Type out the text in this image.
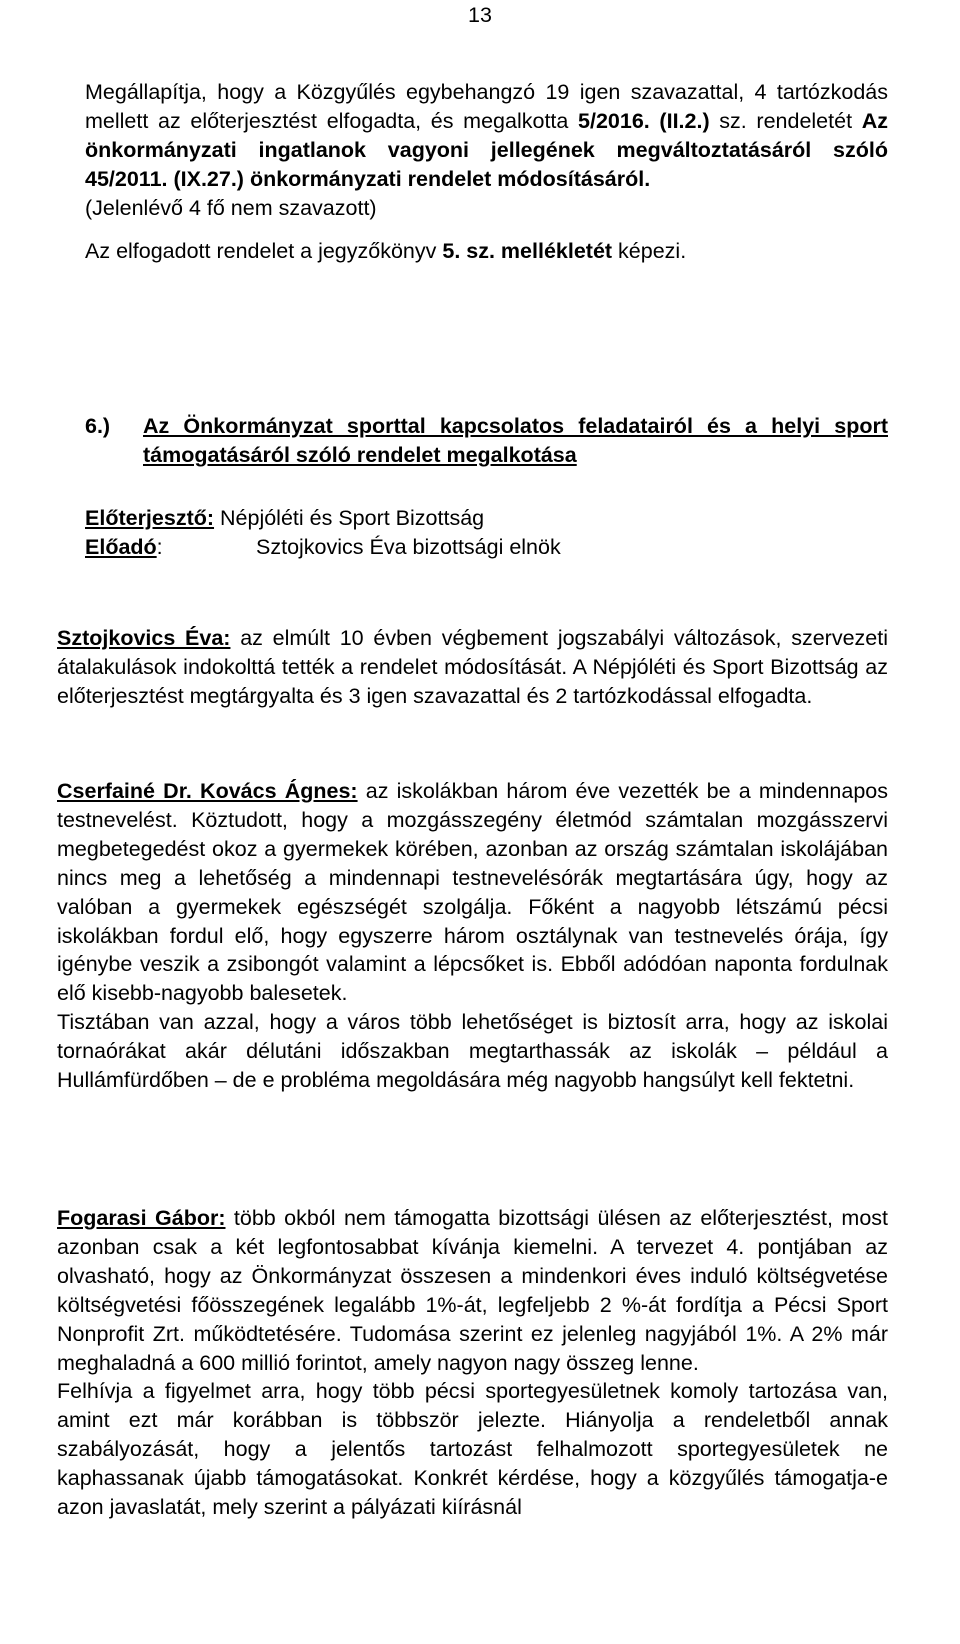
13

Megállapítja, hogy a Közgyűlés egybehangzó 19 igen szavazattal, 4 tartózkodás mellett az előterjesztést elfogadta, és megalkotta 5/2016. (II.2.) sz. rendeletét Az önkormányzati ingatlanok vagyoni jellegének megváltoztatásáról szóló 45/2011. (IX.27.) önkormányzati rendelet módosításáról.

(Jelenlévő 4 fő nem szavazott)

Az elfogadott rendelet a jegyzőkönyv 5. sz. mellékletét képezi.

6.)	Az Önkormányzat sporttal kapcsolatos feladatairól és a helyi sport támogatásáról szóló rendelet megalkotása

Előterjesztő: Népjóléti és Sport Bizottság

Előadó:	Sztojkovics Éva bizottsági elnök

Sztojkovics Éva: az elmúlt 10 évben végbement jogszabályi változások, szervezeti átalakulások indokolttá tették a rendelet módosítását. A Népjóléti és Sport Bizottság az előterjesztést megtárgyalta és 3 igen szavazattal és 2 tartózkodással elfogadta.

Cserfainé Dr. Kovács Ágnes: az iskolákban három éve vezették be a mindennapos testnevelést. Köztudott, hogy a mozgásszegény életmód számtalan mozgásszervi megbetegedést okoz a gyermekek körében, azonban az ország számtalan iskolájában nincs meg a lehetőség a mindennapi testnevelésórák megtartására úgy, hogy az valóban a gyermekek egészségét szolgálja. Főként a nagyobb létszámú pécsi iskolákban fordul elő, hogy egyszerre három osztálynak van testnevelés órája, így igénybe veszik a zsibongót valamint a lépcsőket is. Ebből adódóan naponta fordulnak elő kisebb-nagyobb balesetek.

Tisztában van azzal, hogy a város több lehetőséget is biztosít arra, hogy az iskolai tornaórákat akár délutáni időszakban megtarthassák az iskolák – például a Hullámfürdőben – de e probléma megoldására még nagyobb hangsúlyt kell fektetni.

Fogarasi Gábor: több okból nem támogatta bizottsági ülésen az előterjesztést, most azonban csak a két legfontosabbat kívánja kiemelni. A tervezet 4. pontjában az olvasható, hogy az Önkormányzat összesen a mindenkori éves induló költségvetése költségvetési főösszegének legalább 1%-át, legfeljebb 2 %-át fordítja a Pécsi Sport Nonprofit Zrt. működtetésére. Tudomása szerint ez jelenleg nagyjából 1%. A 2% már meghaladná a 600 millió forintot, amely nagyon nagy összeg lenne.

Felhívja a figyelmet arra, hogy több pécsi sportegyesületnek komoly tartozása van, amint ezt már korábban is többször jelezte. Hiányolja a rendeletből annak szabályozását, hogy a jelentős tartozást felhalmozott sportegyesületek ne kaphassanak újabb támogatásokat. Konkrét kérdése, hogy a közgyűlés támogatja-e azon javaslatát, mely szerint a pályázati kiírásnál
